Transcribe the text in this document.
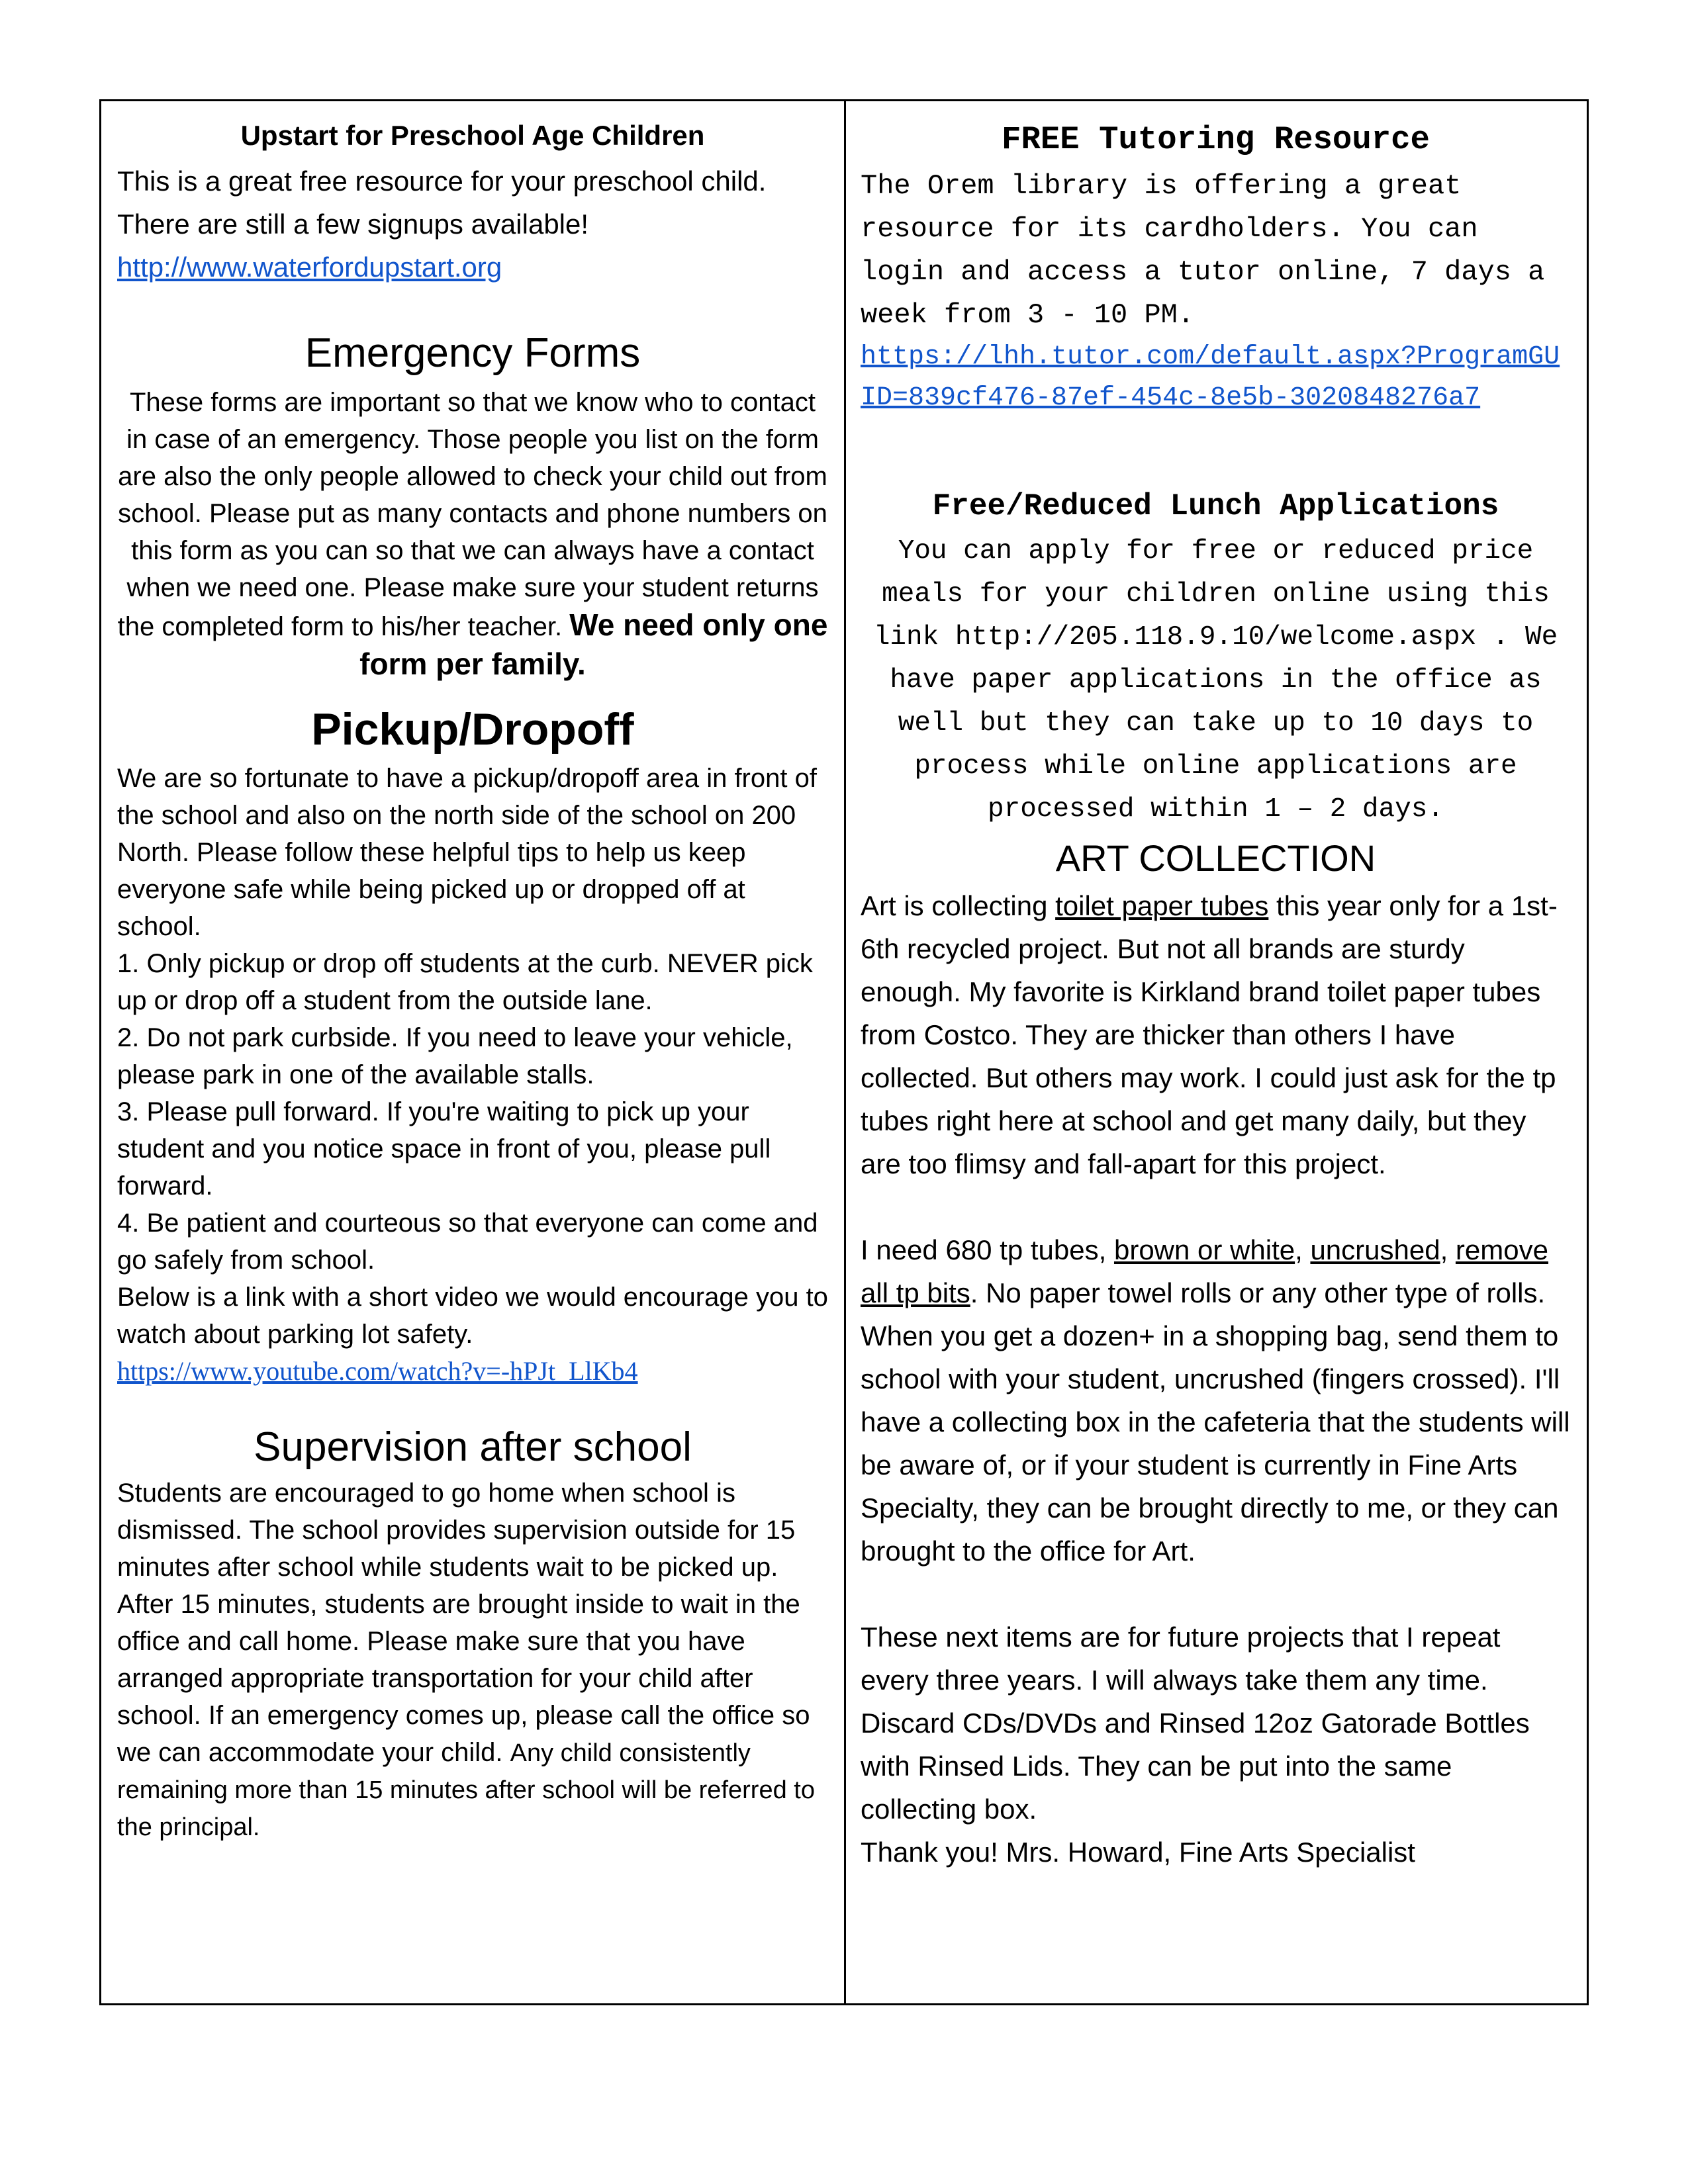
Upstart for Preschool Age Children

This is a great free resource for your preschool child.

There are still a few signups available!

http://www.waterfordupstart.org

Emergency Forms

These forms are important so that we know who to contact in case of an emergency. Those people you list on the form are also the only people allowed to check your child out from school. Please put as many contacts and phone numbers on this form as you can so that we can always have a contact when we need one. Please make sure your student returns the completed form to his/her teacher. We need only one form per family.

Pickup/Dropoff

We are so fortunate to have a pickup/dropoff area in front of the school and also on the north side of the school on 200 North. Please follow these helpful tips to help us keep everyone safe while being picked up or dropped off at school.

1. Only pickup or drop off students at the curb. NEVER pick up or drop off a student from the outside lane.

2. Do not park curbside. If you need to leave your vehicle, please park in one of the available stalls.

3. Please pull forward. If you're waiting to pick up your student and you notice space in front of you, please pull forward.

4. Be patient and courteous so that everyone can come and go safely from school.

Below is a link with a short video we would encourage you to watch about parking lot safety.

https://www.youtube.com/watch?v=-hPJt_LlKb4

Supervision after school

Students are encouraged to go home when school is dismissed. The school provides supervision outside for 15 minutes after school while students wait to be picked up. After 15 minutes, students are brought inside to wait in the office and call home. Please make sure that you have arranged appropriate transportation for your child after school. If an emergency comes up, please call the office so we can accommodate your child. Any child consistently remaining more than 15 minutes after school will be referred to the principal.

FREE Tutoring Resource

The Orem library is offering a great resource for its cardholders. You can login and access a tutor online, 7 days a week from 3 - 10 PM.

https://lhh.tutor.com/default.aspx?ProgramGUID=839cf476-87ef-454c-8e5b-3020848276a7

Free/Reduced Lunch Applications

You can apply for free or reduced price meals for your children online using this link http://205.118.9.10/welcome.aspx . We have paper applications in the office as well but they can take up to 10 days to process while online applications are processed within 1 – 2 days.

ART COLLECTION

Art is collecting toilet paper tubes this year only for a 1st-6th recycled project. But not all brands are sturdy enough. My favorite is Kirkland brand toilet paper tubes from Costco. They are thicker than others I have collected. But others may work. I could just ask for the tp tubes right here at school and get many daily, but they are too flimsy and fall-apart for this project.

I need 680 tp tubes, brown or white, uncrushed, remove all tp bits. No paper towel rolls or any other type of rolls. When you get a dozen+ in a shopping bag, send them to school with your student, uncrushed (fingers crossed). I'll have a collecting box in the cafeteria that the students will be aware of, or if your student is currently in Fine Arts Specialty, they can be brought directly to me, or they can brought to the office for Art.

These next items are for future projects that I repeat every three years. I will always take them any time. Discard CDs/DVDs and Rinsed 12oz Gatorade Bottles with Rinsed Lids. They can be put into the same collecting box.

Thank you! Mrs. Howard, Fine Arts Specialist
